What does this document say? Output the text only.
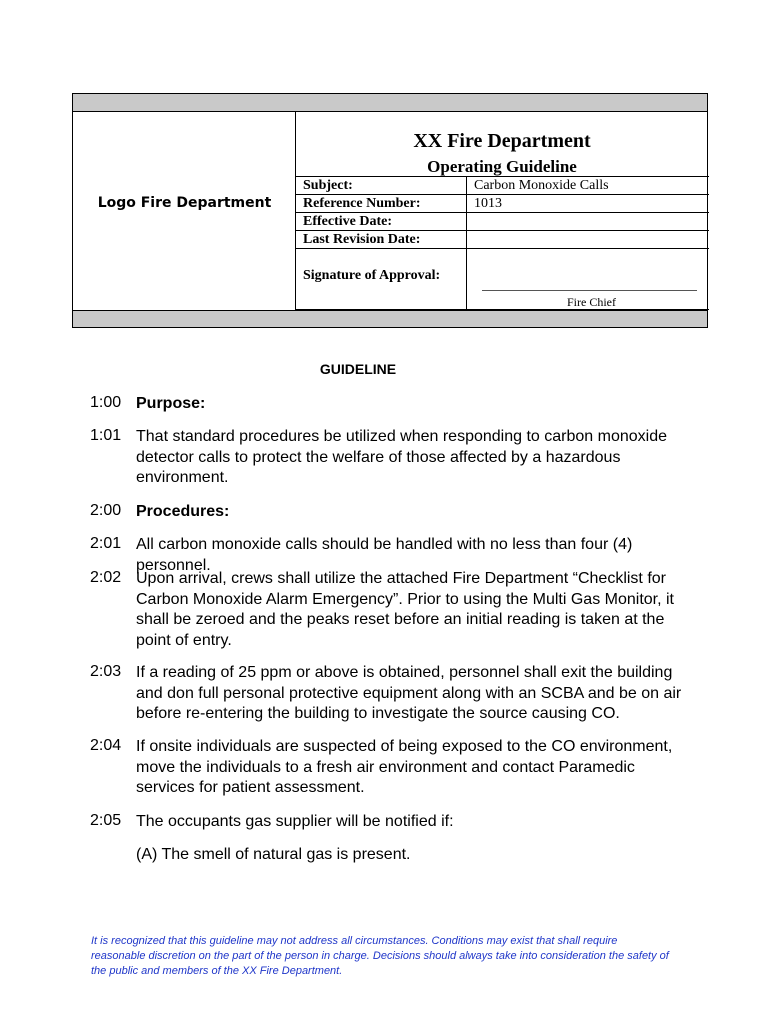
Logo Fire Department
XX Fire Department
Operating Guideline
Subject:	Carbon Monoxide Calls
Reference Number:	1013
Effective Date:	
Last Revision Date:	

Signature of Approval:	Fire Chief
GUIDELINE
1:00 Purpose:
1:01 That standard procedures be utilized when responding to carbon monoxide detector calls to protect the welfare of those affected by a hazardous environment.
2:00 Procedures:
2:01 All carbon monoxide calls should be handled with no less than four (4) personnel.
2:02 Upon arrival, crews shall utilize the attached Fire Department “Checklist for Carbon Monoxide Alarm Emergency”. Prior to using the Multi Gas Monitor, it shall be zeroed and the peaks reset before an initial reading is taken at the point of entry.
2:03 If a reading of 25 ppm or above is obtained, personnel shall exit the building and don full personal protective equipment along with an SCBA and be on air before re-entering the building to investigate the source causing CO.
2:04 If onsite individuals are suspected of being exposed to the CO environment, move the individuals to a fresh air environment and contact Paramedic services for patient assessment.
2:05 The occupants gas supplier will be notified if:
(A) The smell of natural gas is present.
It is recognized that this guideline may not address all circumstances. Conditions may exist that shall require reasonable discretion on the part of the person in charge. Decisions should always take into consideration the safety of the public and members of the XX Fire Department.
